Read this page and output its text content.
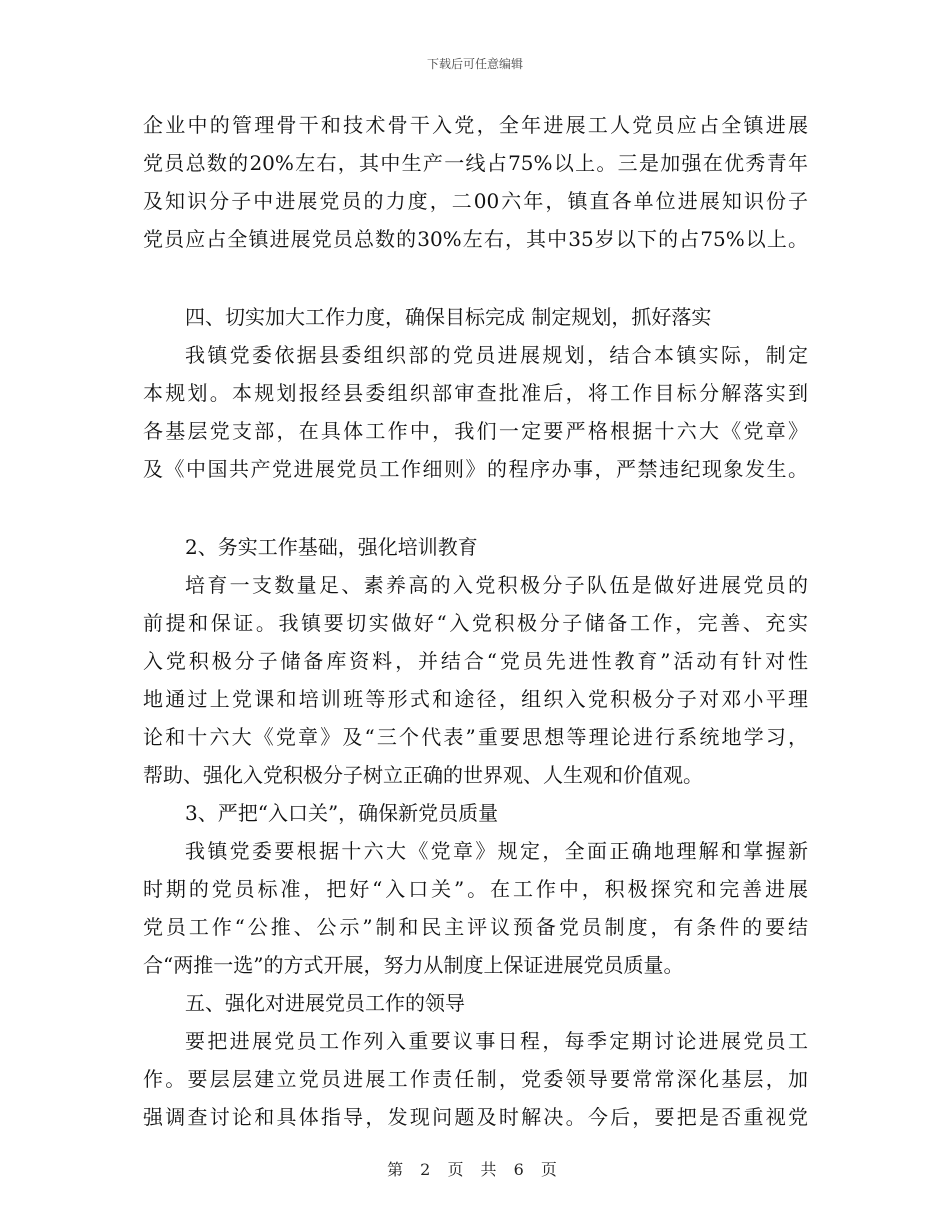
下载后可任意编辑
企业中的管理骨干和技术骨干入党，全年进展工人党员应占全镇进展
党员总数的20%左右，其中生产一线占75%以上。三是加强在优秀青年
及知识分子中进展党员的力度，二00六年，镇直各单位进展知识份子
党员应占全镇进展党员总数的30%左右，其中35岁以下的占75%以上。
四、切实加大工作力度，确保目标完成 制定规划，抓好落实
我镇党委依据县委组织部的党员进展规划，结合本镇实际，制定
本规划。本规划报经县委组织部审查批准后，将工作目标分解落实到
各基层党支部，在具体工作中，我们一定要严格根据十六大《党章》
及《中国共产党进展党员工作细则》的程序办事，严禁违纪现象发生。
2、务实工作基础，强化培训教育
培育一支数量足、素养高的入党积极分子队伍是做好进展党员的
前提和保证。我镇要切实做好“入党积极分子储备工作，完善、充实
入党积极分子储备库资料，并结合“党员先进性教育”活动有针对性
地通过上党课和培训班等形式和途径，组织入党积极分子对邓小平理
论和十六大《党章》及“三个代表”重要思想等理论进行系统地学习，
帮助、强化入党积极分子树立正确的世界观、人生观和价值观。
3、严把“入口关”，确保新党员质量
我镇党委要根据十六大《党章》规定，全面正确地理解和掌握新
时期的党员标准，把好“入口关”。在工作中，积极探究和完善进展
党员工作“公推、公示”制和民主评议预备党员制度，有条件的要结
合“两推一选”的方式开展，努力从制度上保证进展党员质量。
五、强化对进展党员工作的领导
要把进展党员工作列入重要议事日程，每季定期讨论进展党员工
作。要层层建立党员进展工作责任制，党委领导要常常深化基层，加
强调查讨论和具体指导，发现问题及时解决。今后，要把是否重视党
第 2 页 共 6 页
